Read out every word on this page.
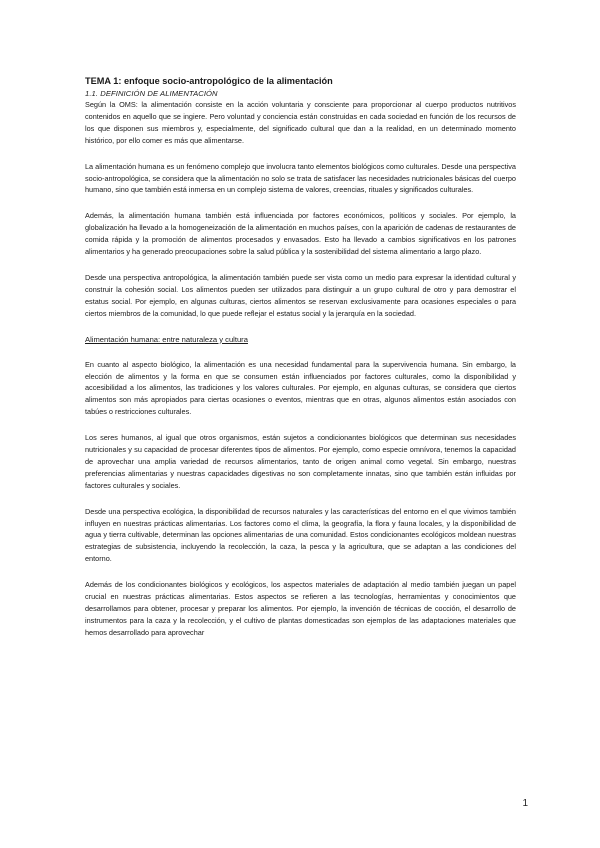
TEMA 1: enfoque socio-antropológico de la alimentación
1.1. DEFINICIÓN DE ALIMENTACIÓN

Según la OMS: la alimentación consiste en la acción voluntaria y consciente para proporcionar al cuerpo productos nutritivos contenidos en aquello que se ingiere. Pero voluntad y conciencia están construidas en cada sociedad en función de los recursos de los que disponen sus miembros y, especialmente, del significado cultural que dan a la realidad, en un determinado momento histórico, por ello comer es más que alimentarse.

La alimentación humana es un fenómeno complejo que involucra tanto elementos biológicos como culturales. Desde una perspectiva socio-antropológica, se considera que la alimentación no solo se trata de satisfacer las necesidades nutricionales básicas del cuerpo humano, sino que también está inmersa en un complejo sistema de valores, creencias, rituales y significados culturales.

Además, la alimentación humana también está influenciada por factores económicos, políticos y sociales. Por ejemplo, la globalización ha llevado a la homogeneización de la alimentación en muchos países, con la aparición de cadenas de restaurantes de comida rápida y la promoción de alimentos procesados y envasados. Esto ha llevado a cambios significativos en los patrones alimentarios y ha generado preocupaciones sobre la salud pública y la sostenibilidad del sistema alimentario a largo plazo.

Desde una perspectiva antropológica, la alimentación también puede ser vista como un medio para expresar la identidad cultural y construir la cohesión social. Los alimentos pueden ser utilizados para distinguir a un grupo cultural de otro y para demostrar el estatus social. Por ejemplo, en algunas culturas, ciertos alimentos se reservan exclusivamente para ocasiones especiales o para ciertos miembros de la comunidad, lo que puede reflejar el estatus social y la jerarquía en la sociedad.

Alimentación humana: entre naturaleza y cultura

En cuanto al aspecto biológico, la alimentación es una necesidad fundamental para la supervivencia humana. Sin embargo, la elección de alimentos y la forma en que se consumen están influenciados por factores culturales, como la disponibilidad y accesibilidad a los alimentos, las tradiciones y los valores culturales. Por ejemplo, en algunas culturas, se considera que ciertos alimentos son más apropiados para ciertas ocasiones o eventos, mientras que en otras, algunos alimentos están asociados con tabúes o restricciones culturales.

Los seres humanos, al igual que otros organismos, están sujetos a condicionantes biológicos que determinan sus necesidades nutricionales y su capacidad de procesar diferentes tipos de alimentos. Por ejemplo, como especie omnívora, tenemos la capacidad de aprovechar una amplia variedad de recursos alimentarios, tanto de origen animal como vegetal. Sin embargo, nuestras preferencias alimentarias y nuestras capacidades digestivas no son completamente innatas, sino que también están influidas por factores culturales y sociales.

Desde una perspectiva ecológica, la disponibilidad de recursos naturales y las características del entorno en el que vivimos también influyen en nuestras prácticas alimentarias. Los factores como el clima, la geografía, la flora y fauna locales, y la disponibilidad de agua y tierra cultivable, determinan las opciones alimentarias de una comunidad. Estos condicionantes ecológicos moldean nuestras estrategias de subsistencia, incluyendo la recolección, la caza, la pesca y la agricultura, que se adaptan a las condiciones del entorno.

Además de los condicionantes biológicos y ecológicos, los aspectos materiales de adaptación al medio también juegan un papel crucial en nuestras prácticas alimentarias. Estos aspectos se refieren a las tecnologías, herramientas y conocimientos que desarrollamos para obtener, procesar y preparar los alimentos. Por ejemplo, la invención de técnicas de cocción, el desarrollo de instrumentos para la caza y la recolección, y el cultivo de plantas domesticadas son ejemplos de las adaptaciones materiales que hemos desarrollado para aprovechar

1
